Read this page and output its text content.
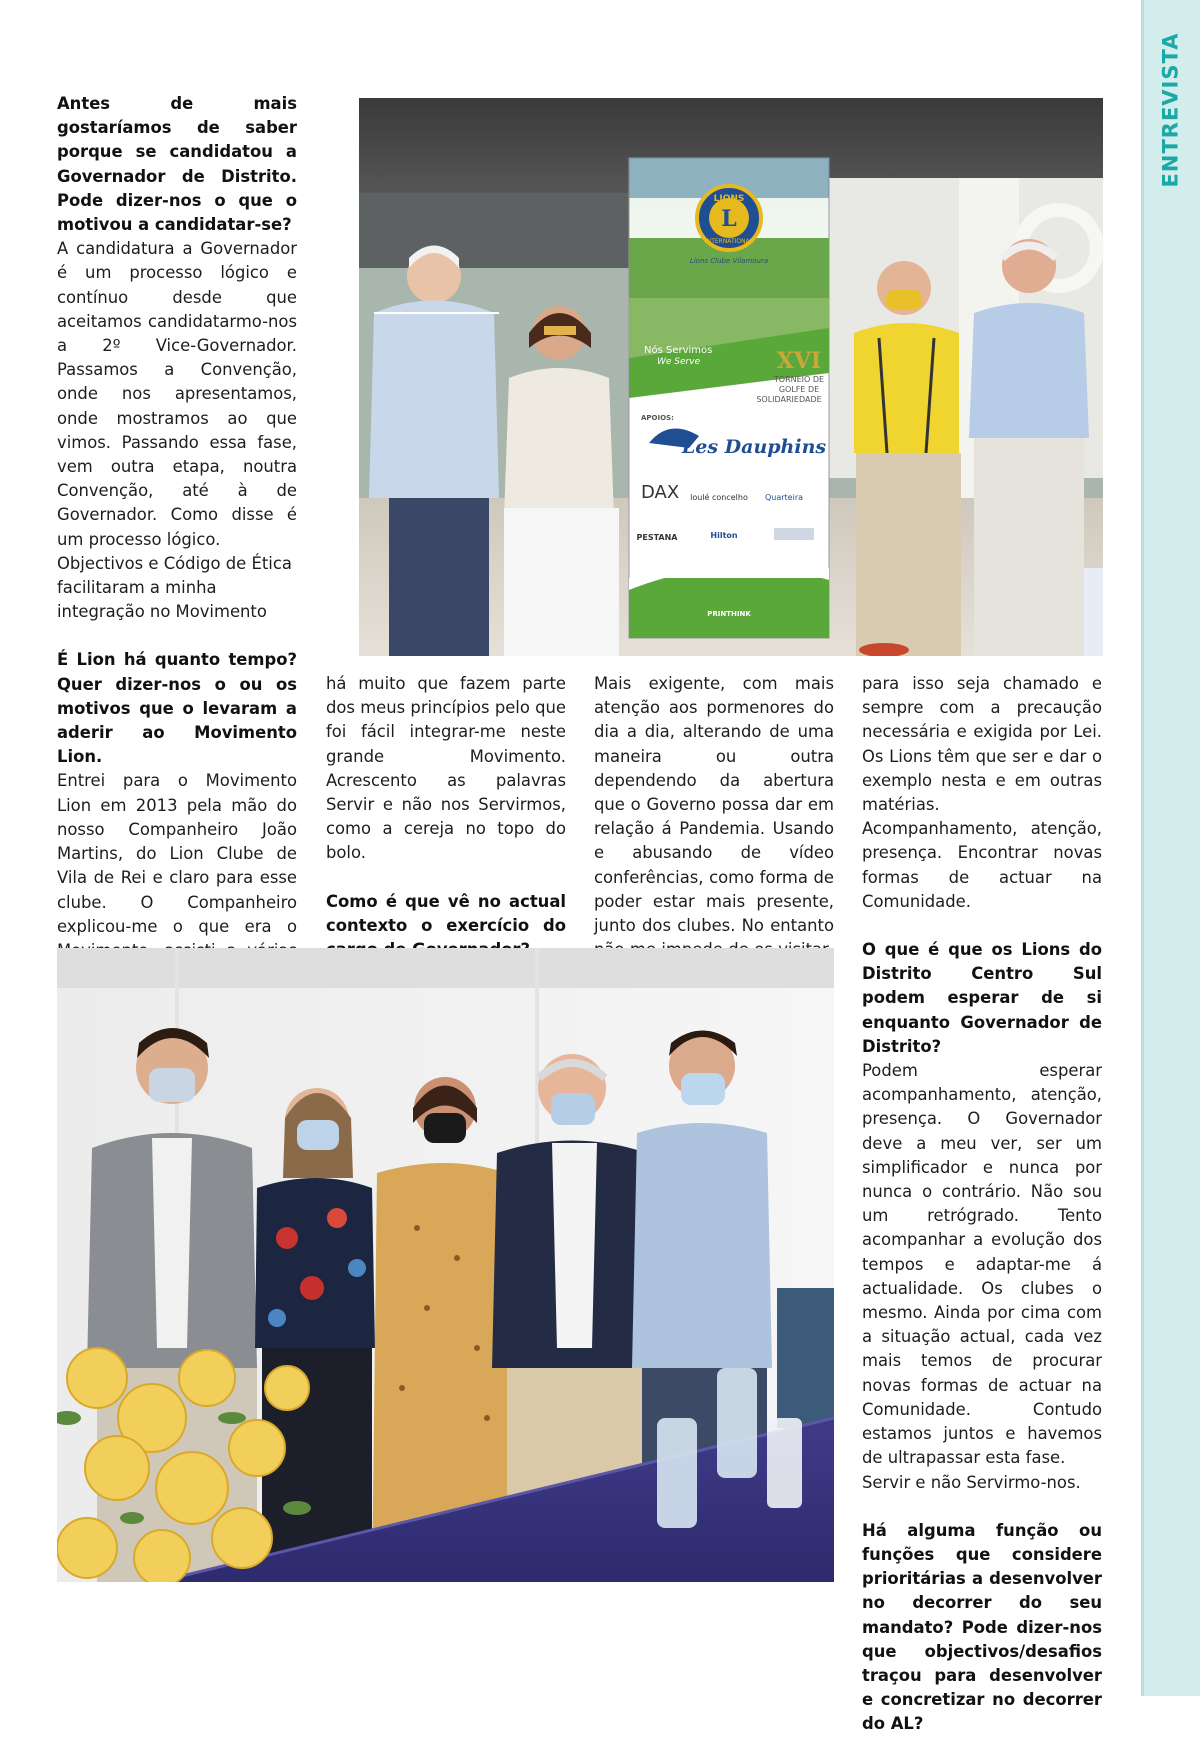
ENTREVISTA

Antes de mais gostaríamos de saber porque se candidatou a Governador de Distrito. Pode dizer-nos o que o motivou a candidatar-se?

A candidatura a Governador é um processo lógico e contínuo desde que aceitamos candidatarmo-nos a 2º Vice-Governador. Passamos a Convenção, onde nos apresentamos, onde mostramos ao que vimos. Passando essa fase, vem outra etapa, noutra Convenção, até à de Governador. Como disse é um processo lógico.

Objectivos e Código de Ética facilitaram a minha integração no Movimento

É Lion há quanto tempo? Quer dizer-nos o ou os motivos que o levaram a aderir ao Movimento Lion.

Entrei para o Movimento Lion em 2013 pela mão do nosso Companheiro João Martins, do Lion Clube de Vila de Rei e claro para esse clube. O Companheiro explicou-me o que era o

há muito que fazem parte dos meus princípios pelo que foi fácil integrar-me neste grande Movimento. Acrescento as palavras Servir e não nos Servirmos, como a cereja no topo do bolo.

Como é que vê no actual contexto o exercício do

Mais exigente, com mais atenção aos pormenores do dia a dia, alterando de uma maneira ou outra dependendo da abertura que o Governo possa dar em relação á Pandemia. Usando e abusando de vídeo conferências, como forma de poder estar mais presente, junto dos clubes. No entanto

para isso seja chamado e sempre com a precaução necessária e exigida por Lei. Os Lions têm que ser e dar o exemplo nesta e em outras matérias.

Acompanhamento, atenção, presença. Encontrar novas formas de actuar na Comunidade.

O que é que os Lions do Distrito Centro Sul podem esperar de si enquanto Governador de Distrito?

Podem esperar acompanhamento, atenção, presença. O Governador deve a meu ver, ser um simplificador e nunca por nunca o contrário. Não sou um retrógrado. Tento acompanhar a evolução dos tempos e adaptar-me á actualidade. Os clubes o mesmo. Ainda por cima com a situação actual, cada vez mais temos de procurar novas formas de actuar na Comunidade. Contudo estamos juntos e havemos de ultrapassar esta fase.

Servir e não Servirmo-nos.

Há alguma função ou funções que considere prioritárias a desenvolver no decorrer do seu mandato? Pode dizer-nos que objectivos/desafios traçou para desenvolver e concretizar no decorrer do AL?

L
LIONS
INTERNATIONAL
Lions Clube Vilamoura
Nós Servimos
We Serve	XVI
TORNEIO DE
GOLFE DE
SOLIDARIEDADE
APOIOS:
Les Dauphins
DAX loulé concelho Quarteira
PESTANA	Hilton
PRINTHINK
